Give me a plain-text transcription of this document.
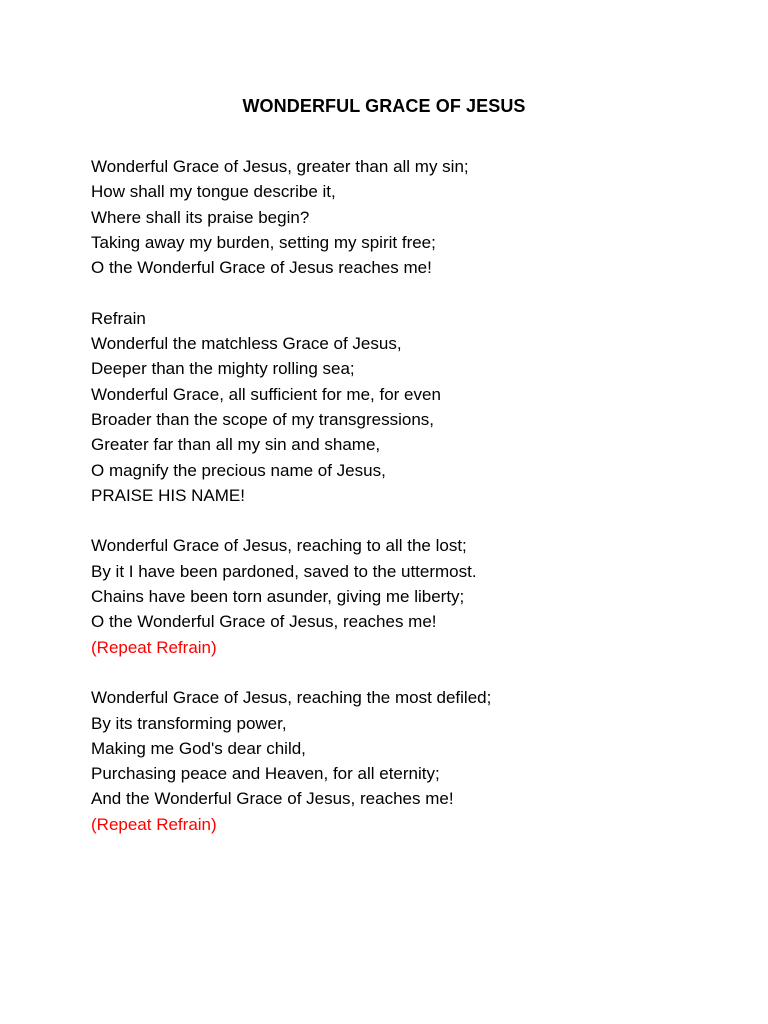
WONDERFUL GRACE OF JESUS
Wonderful Grace of Jesus, greater than all my sin;
How shall my tongue describe it,
Where shall its praise begin?
Taking away my burden, setting my spirit free;
O the Wonderful Grace of Jesus reaches me!
Refrain
Wonderful the matchless Grace of Jesus,
Deeper than the mighty rolling sea;
Wonderful Grace, all sufficient for me, for even
Broader than the scope of my transgressions,
Greater far than all my sin and shame,
O magnify the precious name of Jesus,
PRAISE HIS NAME!
Wonderful Grace of Jesus, reaching to all the lost;
By it I have been pardoned, saved to the uttermost.
Chains have been torn asunder, giving me liberty;
O the Wonderful Grace of Jesus, reaches me!
(Repeat Refrain)
Wonderful Grace of Jesus, reaching the most defiled;
By its transforming power,
Making me God's dear child,
Purchasing peace and Heaven, for all eternity;
And the Wonderful Grace of Jesus, reaches me!
(Repeat Refrain)
